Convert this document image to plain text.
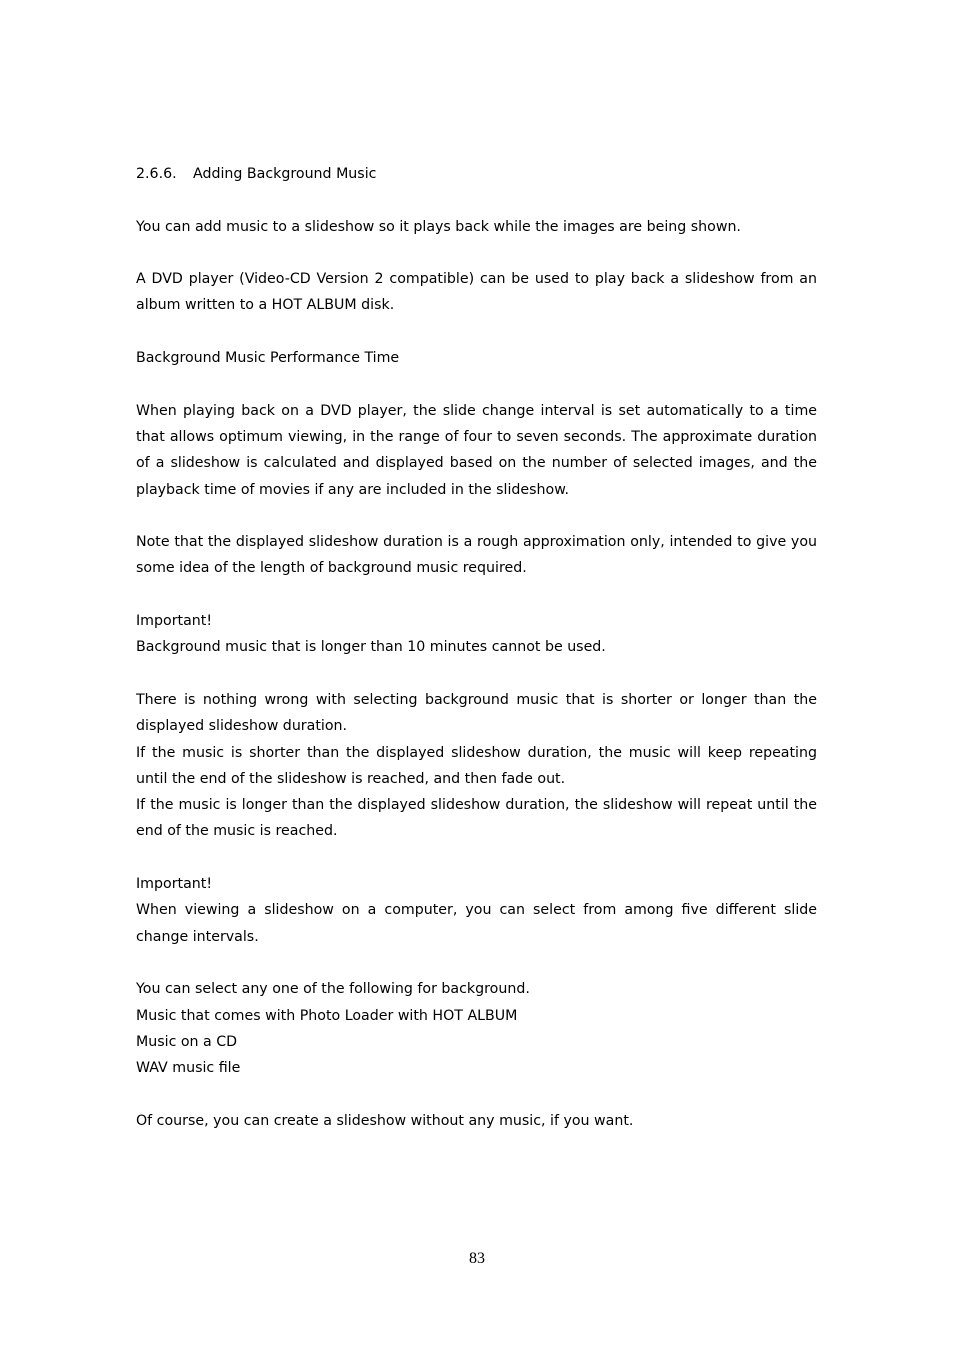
2.6.6. Adding Background Music
You can add music to a slideshow so it plays back while the images are being shown.
A DVD player (Video-CD Version 2 compatible) can be used to play back a slideshow from an album written to a HOT ALBUM disk.
Background Music Performance Time
When playing back on a DVD player, the slide change interval is set automatically to a time that allows optimum viewing, in the range of four to seven seconds. The approximate duration of a slideshow is calculated and displayed based on the number of selected images, and the playback time of movies if any are included in the slideshow.
Note that the displayed slideshow duration is a rough approximation only, intended to give you some idea of the length of background music required.
Important!
Background music that is longer than 10 minutes cannot be used.
There is nothing wrong with selecting background music that is shorter or longer than the displayed slideshow duration.
If the music is shorter than the displayed slideshow duration, the music will keep repeating until the end of the slideshow is reached, and then fade out.
If the music is longer than the displayed slideshow duration, the slideshow will repeat until the end of the music is reached.
Important!
When viewing a slideshow on a computer, you can select from among five different slide change intervals.
You can select any one of the following for background.
Music that comes with Photo Loader with HOT ALBUM
Music on a CD
WAV music file
Of course, you can create a slideshow without any music, if you want.
83
